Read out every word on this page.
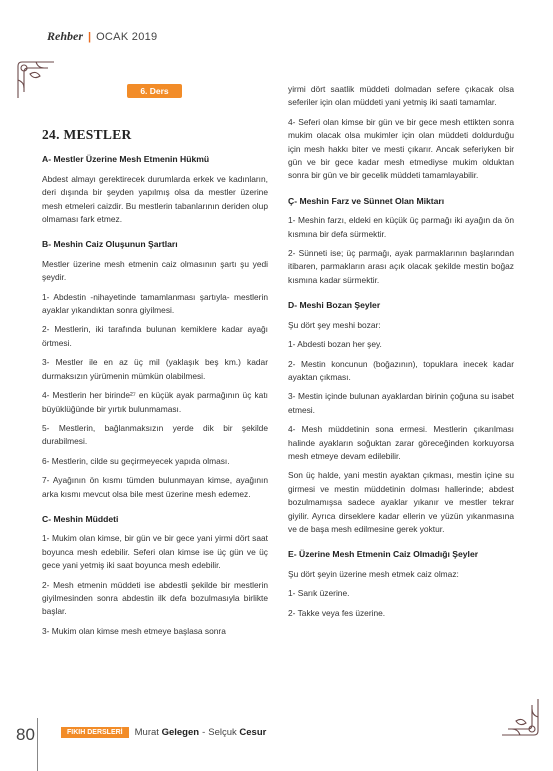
Rehber | OCAK 2019
6. Ders
24. MESTLER
A- Mestler Üzerine Mesh Etmenin Hükmü

Abdest almayı gerektirecek durumlarda erkek ve kadınların, deri dışında bir şeyden yapılmış olsa da mestler üzerine mesh etmeleri caizdir. Bu mestlerin tabanlarının deriden olup olmaması fark etmez.

B- Meshin Caiz Oluşunun Şartları

Mestler üzerine mesh etmenin caiz olmasının şartı şu yedi şeydir.

1- Abdestin -nihayetinde tamamlanması şartıyla- mestlerin ayaklar yıkandıktan sonra giyilmesi.

2- Mestlerin, iki tarafında bulunan kemiklere kadar ayağı örtmesi.

3- Mestler ile en az üç mil (yaklaşık beş km.) kadar durmaksızın yürümenin mümkün olabilmesi.

4- Mestlerin her birinde²⁷ en küçük ayak parmağının üç katı büyüklüğünde bir yırtık bulunmaması.

5- Mestlerin, bağlanmaksızın yerde dik bir şekilde durabilmesi.

6- Mestlerin, cilde su geçirmeyecek yapıda olması.

7- Ayağının ön kısmı tümden bulunmayan kimse, ayağının arka kısmı mevcut olsa bile mest üzerine mesh edemez.

C- Meshin Müddeti

1- Mukim olan kimse, bir gün ve bir gece yani yirmi dört saat boyunca mesh edebilir. Seferi olan kimse ise üç gün ve üç gece yani yetmiş iki saat boyunca mesh edebilir.

2- Mesh etmenin müddeti ise abdestli şekilde bir mestlerin giyilmesinden sonra abdestin ilk defa bozulmasıyla birlikte başlar.

3- Mukim olan kimse mesh etmeye başlasa sonra

yirmi dört saatlik müddeti dolmadan sefere çıkacak olsa seferiler için olan müddeti yani yetmiş iki saati tamamlar.

4- Seferi olan kimse bir gün ve bir gece mesh ettikten sonra mukim olacak olsa mukimler için olan müddeti doldurduğu için mesh hakkı biter ve mesti çıkarır. Ancak seferiyken bir gün ve bir gece kadar mesh etmediyse mukim olduktan sonra bir gün ve bir gecelik müddeti tamamlayabilir.

Ç- Meshin Farz ve Sünnet Olan Miktarı

1- Meshin farzı, eldeki en küçük üç parmağı iki ayağın da ön kısmına bir defa sürmektir.

2- Sünneti ise; üç parmağı, ayak parmaklarının başlarından itibaren, parmakların arası açık olacak şekilde mestin boğaz kısmına kadar sürmektir.

D- Meshi Bozan Şeyler

Şu dört şey meshi bozar:

1- Abdesti bozan her şey.

2- Mestin koncunun (boğazının), topuklara inecek kadar ayaktan çıkması.

3- Mestin içinde bulunan ayaklardan birinin çoğuna su isabet etmesi.

4- Mesh müddetinin sona ermesi. Mestlerin çıkarılması halinde ayakların soğuktan zarar göreceğinden korkuyorsa mesh etmeye devam edilebilir.

Son üç halde, yani mestin ayaktan çıkması, mestin içine su girmesi ve mestin müddetinin dolması hallerinde; abdest bozulmamışsa sadece ayaklar yıkanır ve mestler tekrar giyilir. Ayrıca dirseklere kadar ellerin ve yüzün yıkanmasına ve de başa mesh edilmesine gerek yoktur.

E- Üzerine Mesh Etmenin Caiz Olmadığı Şeyler

Şu dört şeyin üzerine mesh etmek caiz olmaz:

1- Sarık üzerine.

2- Takke veya fes üzerine.

80	FIKIH DERSLERİ	Murat
Gelegen - Selçuk
Cesur
